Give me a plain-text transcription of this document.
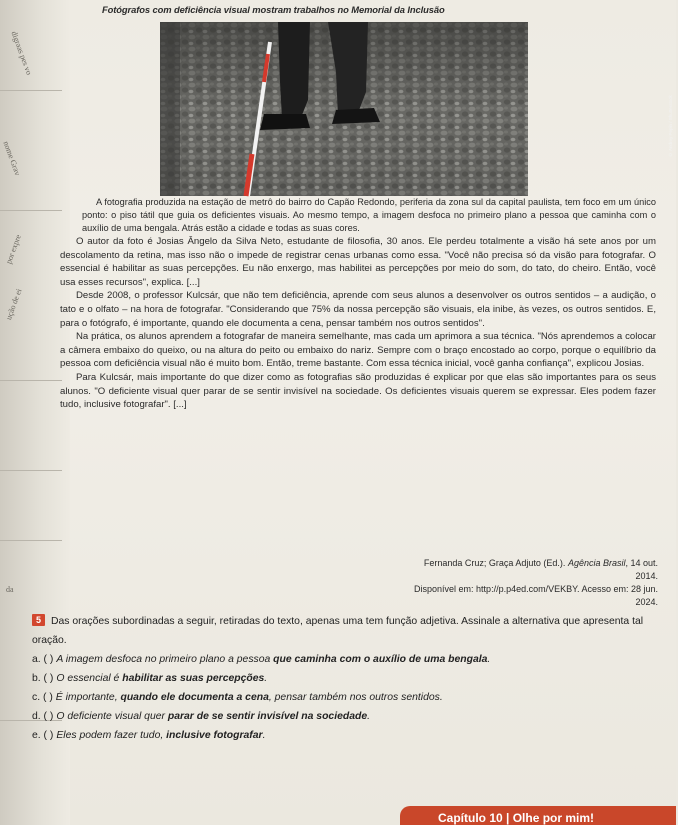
digraas pes vo
nome Grav
por expre
ução de ei
da
Fotógrafos com deficiência visual mostram trabalhos no Memorial da Inclusão
© Andrey Pepin / Shutterstock

A fotografia produzida na estação de metrô do bairro do Capão Redondo, periferia da zona sul da capital paulista, tem foco em um único ponto: o piso tátil que guia os deficientes visuais. Ao mesmo tempo, a imagem desfoca no primeiro plano a pessoa que caminha com o auxílio de uma bengala. Atrás estão a cidade e todas as suas cores.

O autor da foto é Josias Ângelo da Silva Neto, estudante de filosofia, 30 anos. Ele perdeu totalmente a visão há sete anos por um descolamento da retina, mas isso não o impede de registrar cenas urbanas como essa. "Você não precisa só da visão para fotografar. O essencial é habilitar as suas percepções. Eu não enxergo, mas habilitei as percepções por meio do som, do tato, do cheiro. Então, você usa esses recursos", explica. [...]

Desde 2008, o professor Kulcsár, que não tem deficiência, aprende com seus alunos a desenvolver os outros sentidos – a audição, o tato e o olfato – na hora de fotografar. "Considerando que 75% da nossa percepção são visuais, ela inibe, às vezes, os outros sentidos. E, para o fotógrafo, é importante, quando ele documenta a cena, pensar também nos outros sentidos".

Na prática, os alunos aprendem a fotografar de maneira semelhante, mas cada um aprimora a sua técnica. "Nós aprendemos a colocar a câmera embaixo do queixo, ou na altura do peito ou embaixo do nariz. Sempre com o braço encostado ao corpo, porque o equilíbrio da pessoa com deficiência visual não é muito bom. Então, treme bastante. Com essa técnica inicial, você ganha confiança", explicou Josias.

Para Kulcsár, mais importante do que dizer como as fotografias são produzidas é explicar por que elas são importantes para os seus alunos. "O deficiente visual quer parar de se sentir invisível na sociedade. Os deficientes visuais querem se expressar. Eles podem fazer tudo, inclusive fotografar". [...]

Fernanda Cruz; Graça Adjuto (Ed.). Agência Brasil, 14 out. 2014.
Disponível em: http://p.p4ed.com/VEKBY. Acesso em: 28 jun. 2024.
5 Das orações subordinadas a seguir, retiradas do texto, apenas uma tem função adjetiva. Assinale a alternativa que apresenta tal oração.
a. ( ) A imagem desfoca no primeiro plano a pessoa que caminha com o auxílio de uma bengala.
b. ( ) O essencial é habilitar as suas percepções.
c. ( ) É importante, quando ele documenta a cena, pensar também nos outros sentidos.
d. ( ) O deficiente visual quer parar de se sentir invisível na sociedade.
e. ( ) Eles podem fazer tudo, inclusive fotografar.
Capítulo 10 | Olhe por mim!
